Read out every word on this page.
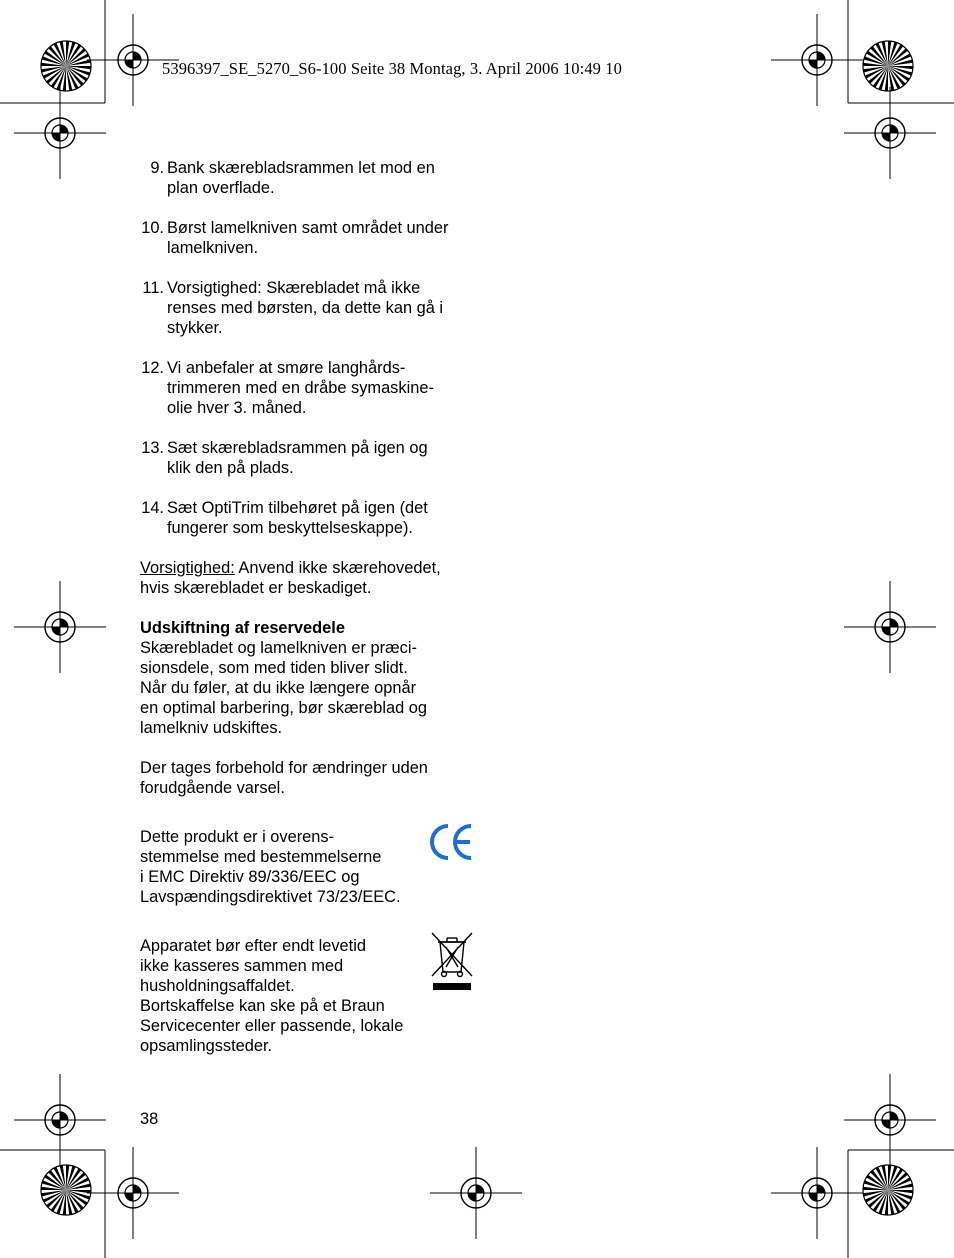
5396397_SE_5270_S6-100 Seite 38 Montag, 3. April 2006 10:49 10
9. Bank skærebladsrammen let mod en
plan overflade.
10. Børst lamelkniven samt området under
lamelkniven.
11. Vorsigtighed: Skærebladet må ikke
renses med børsten, da dette kan gå i
stykker.
12. Vi anbefaler at smøre langhårds-
trimmeren med en dråbe symaskine-
olie hver 3. måned.
13. Sæt skærebladsrammen på igen og
klik den på plads.
14. Sæt OptiTrim tilbehøret på igen (det
fungerer som beskyttelseskappe).
Vorsigtighed: Anvend ikke skærehovedet,
hvis skærebladet er beskadiget.
Udskiftning af reservedele
Skærebladet og lamelkniven er præci-
sionsdele, som med tiden bliver slidt.
Når du føler, at du ikke længere opnår
en optimal barbering, bør skæreblad og
lamelkniv udskiftes.
Der tages forbehold for ændringer uden
forudgående varsel.
Dette produkt er i overens-
stemmelse med bestemmelserne
i EMC Direktiv 89/336/EEC og
Lavspændingsdirektivet 73/23/EEC.
Apparatet bør efter endt levetid
ikke kasseres sammen med
husholdningsaffaldet.
Bortskaffelse kan ske på et Braun
Servicecenter eller passende, lokale
opsamlingssteder.
38
